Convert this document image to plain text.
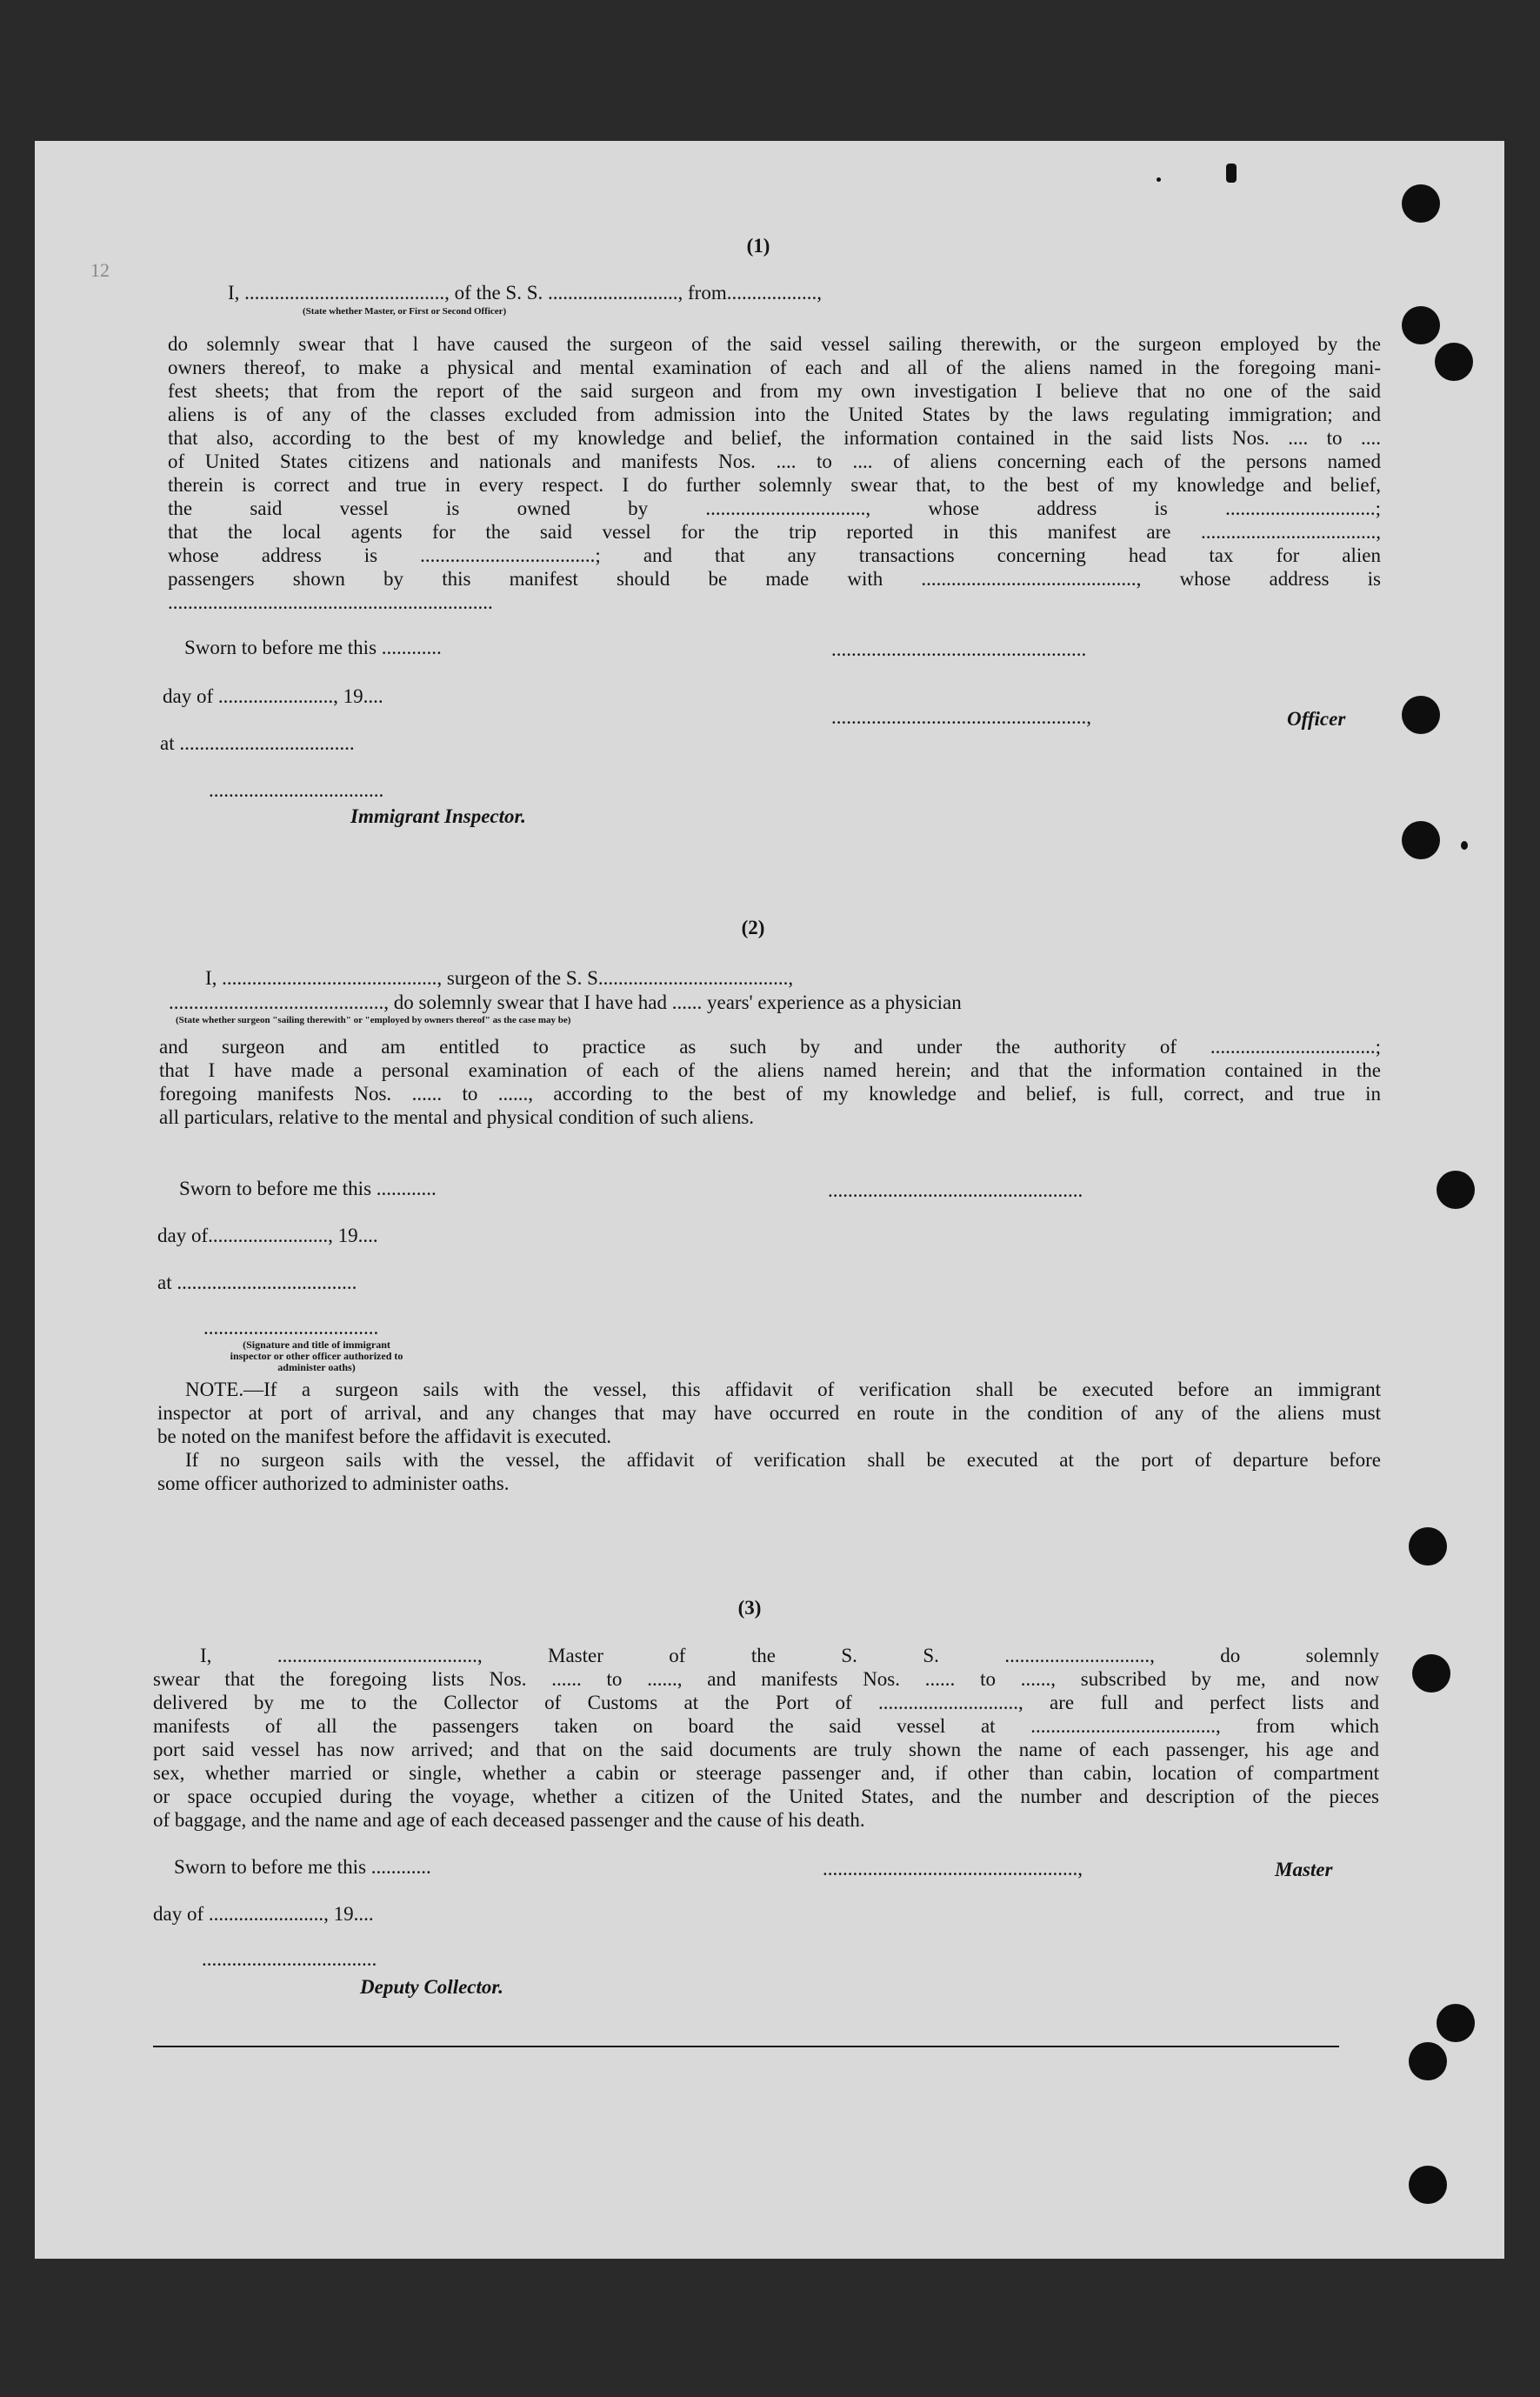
12
(1)
I, ........................................, of the S. S. .........................., from..................,
(State whether Master, or First or Second Officer)
do solemnly swear that l have caused the surgeon of the said vessel sailing therewith, or the surgeon employed by the
owners thereof, to make a physical and mental examination of each and all of the aliens named in the foregoing mani-
fest sheets; that from the report of the said surgeon and from my own investigation I believe that no one of the said
aliens is of any of the classes excluded from admission into the United States by the laws regulating immigration; and
that also, according to the best of my knowledge and belief, the information contained in the said lists Nos. .... to ....
of United States citizens and nationals and manifests Nos. .... to .... of aliens concerning each of the persons named
therein is correct and true in every respect. I do further solemnly swear that, to the best of my knowledge and belief,
the said vessel is owned by ................................, whose address is ..............................;
that the local agents for the said vessel for the trip reported in this manifest are ...................................,
whose address is ...................................; and that any transactions concerning head tax for alien
passengers shown by this manifest should be made with ..........................................., whose address is
.................................................................
Sworn to before me this ............
day of ......................., 19....
at ...................................
...................................
Immigrant Inspector.
...................................................
...................................................,	Officer
(2)
I, ..........................................., surgeon of the S. S......................................,
..........................................., do solemnly swear that I have had ...... years' experience as a physician
(State whether surgeon "sailing therewith" or "employed by owners thereof" as the case may be)
and surgeon and am entitled to practice as such by and under the authority of .................................;
that I have made a personal examination of each of the aliens named herein; and that the information contained in the
foregoing manifests Nos. ...... to ......, according to the best of my knowledge and belief, is full, correct, and true in
all particulars, relative to the mental and physical condition of such aliens.
Sworn to before me this ............
day of........................, 19....
at ....................................
...................................
(Signature and title of immigrant inspector or other officer authorized to administer oaths)
...................................................
NOTE.—If a surgeon sails with the vessel, this affidavit of verification shall be executed before an immigrant
inspector at port of arrival, and any changes that may have occurred en route in the condition of any of the aliens must
be noted on the manifest before the affidavit is executed.
If no surgeon sails with the vessel, the affidavit of verification shall be executed at the port of departure before
some officer authorized to administer oaths.
(3)
I, ........................................, Master of the S. S. ............................., do solemnly
swear that the foregoing lists Nos. ...... to ......, and manifests Nos. ...... to ......, subscribed by me, and now
delivered by me to the Collector of Customs at the Port of ............................, are full and perfect lists and
manifests of all the passengers taken on board the said vessel at ....................................., from which
port said vessel has now arrived; and that on the said documents are truly shown the name of each passenger, his age and
sex, whether married or single, whether a cabin or steerage passenger and, if other than cabin, location of compartment
or space occupied during the voyage, whether a citizen of the United States, and the number and description of the pieces
of baggage, and the name and age of each deceased passenger and the cause of his death.
Sworn to before me this ............
day of ......................., 19....
...................................
Deputy Collector.
...................................................,	Master
